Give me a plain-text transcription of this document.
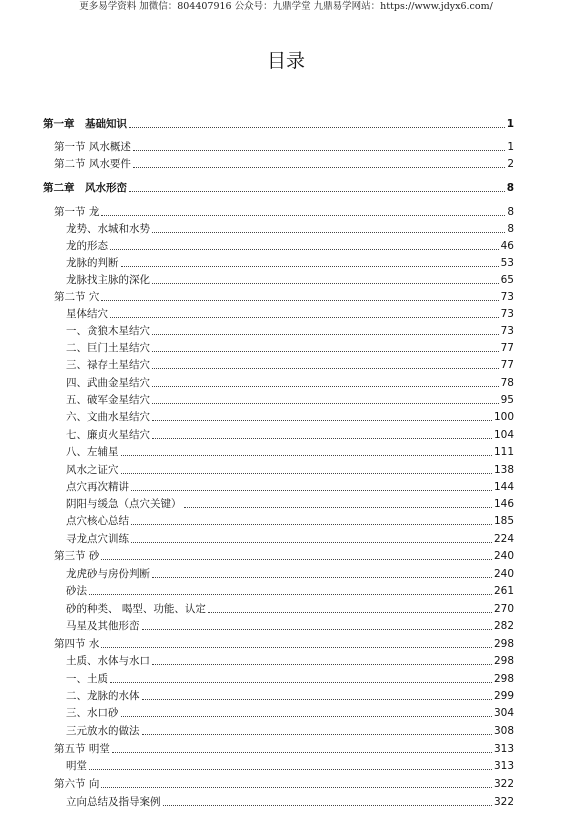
更多易学资料 加微信：804407916 公众号：九鼎学堂 九鼎易学网站：https://www.jdyx6.com/
目录
第一章　基础知识	1
第一节 风水概述	1
第二节 风水要件	2
第二章　风水形峦	8
第一节 龙	8
龙势、水城和水势	8
龙的形态	46
龙脉的判断	53
龙脉找主脉的深化	65
第二节 穴	73
星体结穴	73
一、贪狼木星结穴	73
二、巨门土星结穴	77
三、禄存土星结穴	77
四、武曲金星结穴	78
五、破军金星结穴	95
六、文曲水星结穴	100
七、廉贞火星结穴	104
八、左辅星	111
风水之证穴	138
点穴再次精讲	144
阴阳与缓急（点穴关键）	146
点穴核心总结	185
寻龙点穴训练	224
第三节 砂	240
龙虎砂与房份判断	240
砂法	261
砂的种类、 喝型、功能、认定	270
马星及其他形峦	282
第四节 水	298
土质、水体与水口	298
一、土质	298
二、龙脉的水体	299
三、水口砂	304
三元放水的做法	308
第五节 明堂	313
明堂	313
第六节 向	322
立向总结及指导案例	322
